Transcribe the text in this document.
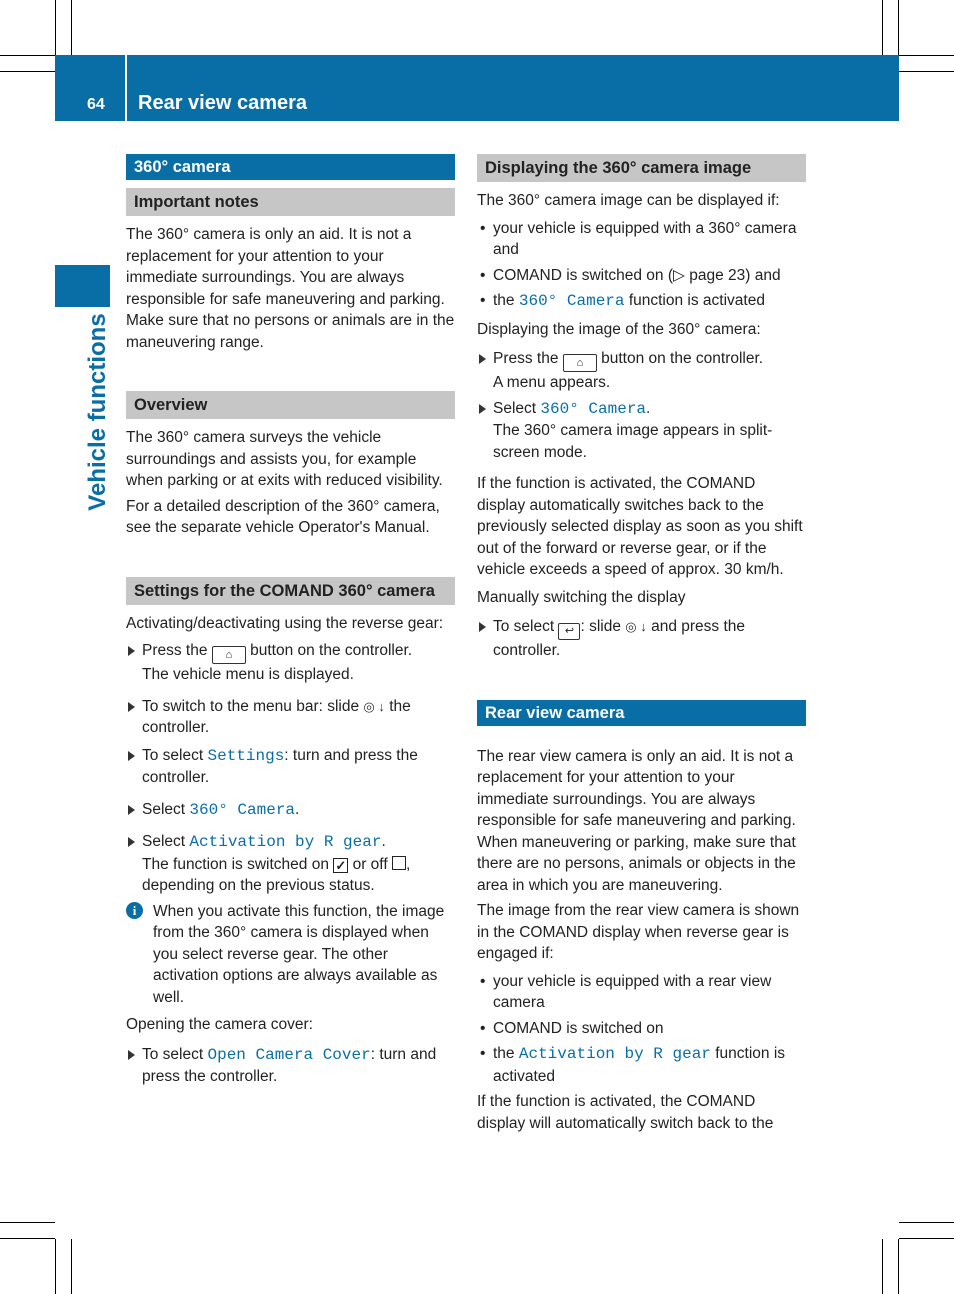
64 Rear view camera
Vehicle functions
360° camera
Important notes

The 360° camera is only an aid. It is not a replacement for your attention to your immediate surroundings. You are always responsible for safe maneuvering and parking. Make sure that no persons or animals are in the maneuvering range.

Overview

The 360° camera surveys the vehicle surroundings and assists you, for example when parking or at exits with reduced visibility.

For a detailed description of the 360° camera, see the separate vehicle Operator's Manual.

Settings for the COMAND 360° camera

Activating/deactivating using the reverse gear:

Press the ⌂ button on the controller.
The vehicle menu is displayed.
To switch to the menu bar: slide ◎ ↓ the controller.
To select Settings: turn and press the controller.
Select 360° Camera.
Select Activation by R gear.
The function is switched on ✓ or off , depending on the previous status.
i	When you activate this function, the image from the 360° camera is displayed when you select reverse gear. The other activation options are always available as well.

Opening the camera cover:

To select Open Camera Cover: turn and press the controller.
Displaying the 360° camera image

The 360° camera image can be displayed if:

• your vehicle is equipped with a 360° camera and
• COMAND is switched on (▷ page 23) and
• the 360° Camera function is activated

Displaying the image of the 360° camera:

Press the ⌂ button on the controller.
A menu appears.
Select 360° Camera.
The 360° camera image appears in split-screen mode.

If the function is activated, the COMAND display automatically switches back to the previously selected display as soon as you shift out of the forward or reverse gear, or if the vehicle exceeds a speed of approx. 30 km/h.

Manually switching the display

To select ↩ : slide ◎ ↓ and press the controller.
Rear view camera

The rear view camera is only an aid. It is not a replacement for your attention to your immediate surroundings. You are always responsible for safe maneuvering and parking. When maneuvering or parking, make sure that there are no persons, animals or objects in the area in which you are maneuvering.

The image from the rear view camera is shown in the COMAND display when reverse gear is engaged if:

• your vehicle is equipped with a rear view camera
• COMAND is switched on
• the Activation by R gear function is activated

If the function is activated, the COMAND display will automatically switch back to the
